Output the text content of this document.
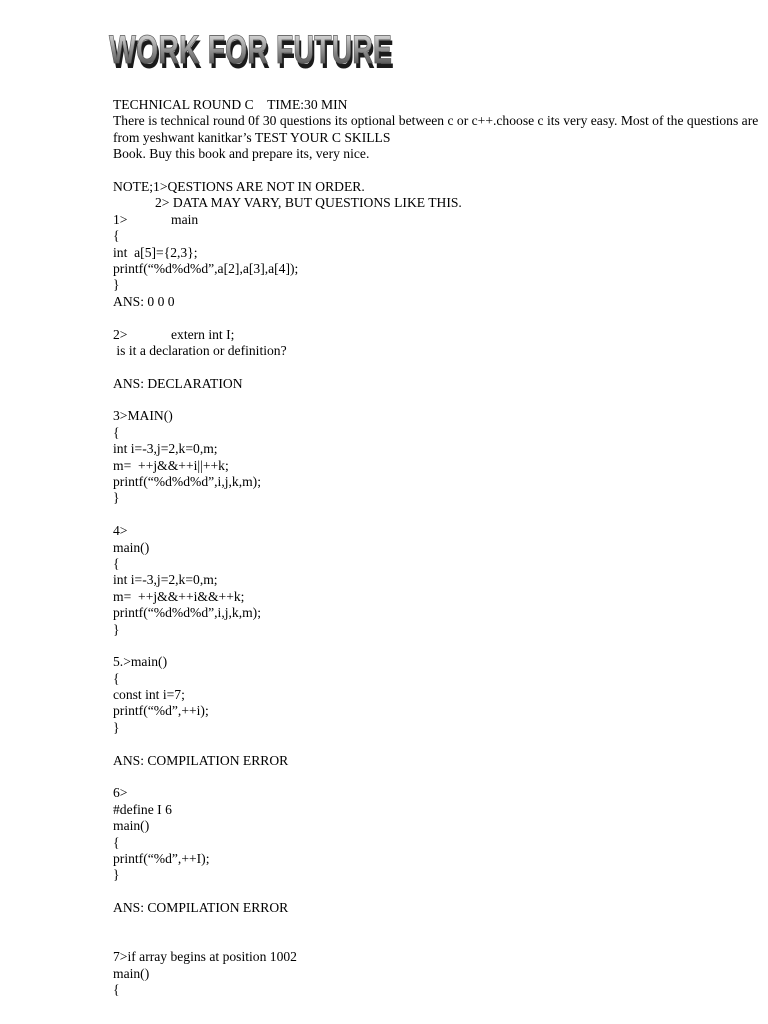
WORK FOR FUTURE
WORK FOR FUTURE
TECHNICAL ROUND C    TIME:30 MIN
There is technical round 0f 30 questions its optional between c or c++.choose c its very easy. Most of the questions are from yeshwant kanitkar’s TEST YOUR C SKILLS
Book. Buy this book and prepare its, very nice.
NOTE;1>QESTIONS ARE NOT IN ORDER.
2> DATA MAY VARY, BUT QUESTIONS LIKE THIS.
1>	main
{
int  a[5]={2,3};
printf(“%d%d%d”,a[2],a[3],a[4]);
}
ANS: 0 0 0
2>	extern int I;
is it a declaration or definition?
ANS: DECLARATION
3>MAIN()
{
int i=-3,j=2,k=0,m;
m=  ++j&&++i||++k;
printf(“%d%d%d”,i,j,k,m);
}
4>
main()
{
int i=-3,j=2,k=0,m;
m=  ++j&&++i&&++k;
printf(“%d%d%d”,i,j,k,m);
}
5.>main()
{
const int i=7;
printf(“%d”,++i);
}
ANS: COMPILATION ERROR
6>
#define I 6
main()
{
printf(“%d”,++I);
}
ANS: COMPILATION ERROR
7>if array begins at position 1002
main()
{
